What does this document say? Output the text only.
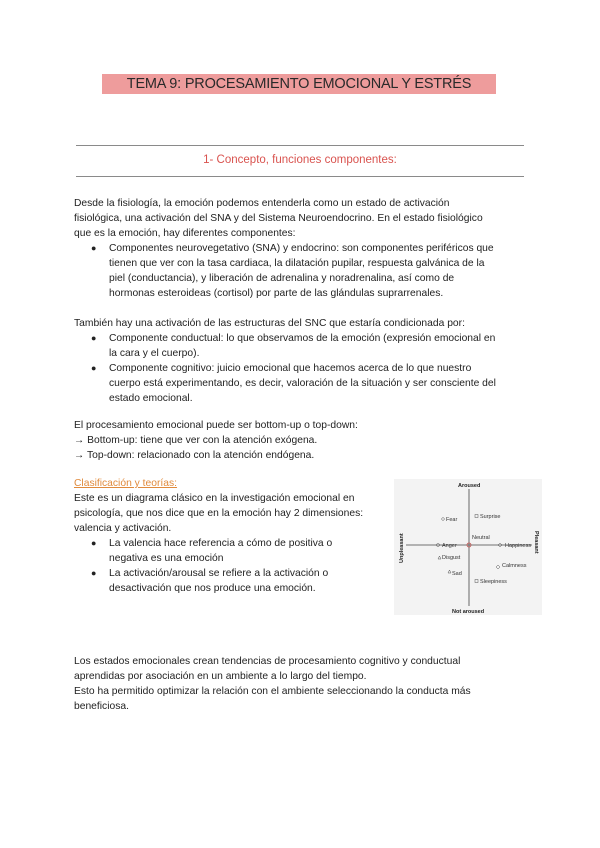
TEMA 9: PROCESAMIENTO EMOCIONAL Y ESTRÉS
1- Concepto, funciones componentes:
Desde la fisiología, la emoción podemos entenderla como un estado de activación
fisiológica, una activación del SNA y del Sistema Neuroendocrino. En el estado fisiológico
que es la emoción, hay diferentes componentes:
● Componentes neurovegetativo (SNA) y endocrino: son componentes periféricos que
tienen que ver con la tasa cardiaca, la dilatación pupilar, respuesta galvánica de la
piel (conductancia), y liberación de adrenalina y noradrenalina, así como de
hormonas esteroideas (cortisol) por parte de las glándulas suprarrenales.
También hay una activación de las estructuras del SNC que estaría condicionada por:
● Componente conductual: lo que observamos de la emoción (expresión emocional en
la cara y el cuerpo).
● Componente cognitivo: juicio emocional que hacemos acerca de lo que nuestro
cuerpo está experimentando, es decir, valoración de la situación y ser consciente del
estado emocional.
El procesamiento emocional puede ser bottom-up o top-down:
→ Bottom-up: tiene que ver con la atención exógena.
→ Top-down: relacionado con la atención endógena.
Clasificación y teorías:
Este es un diagrama clásico en la investigación emocional en
psicología, que nos dice que en la emoción hay 2 dimensiones:
valencia y activación.
● La valencia hace referencia a cómo de positiva o
negativa es una emoción
● La activación/arousal se refiere a la activación o
desactivación que nos produce una emoción.
Aroused
Not aroused
Unpleasant	Pleasant
Neutral
Fear	Surprise
Anger	Happiness
Disgust
Calmness
Sad
Sleepiness
Los estados emocionales crean tendencias de procesamiento cognitivo y conductual
aprendidas por asociación en un ambiente a lo largo del tiempo.
Esto ha permitido optimizar la relación con el ambiente seleccionando la conducta más
beneficiosa.
